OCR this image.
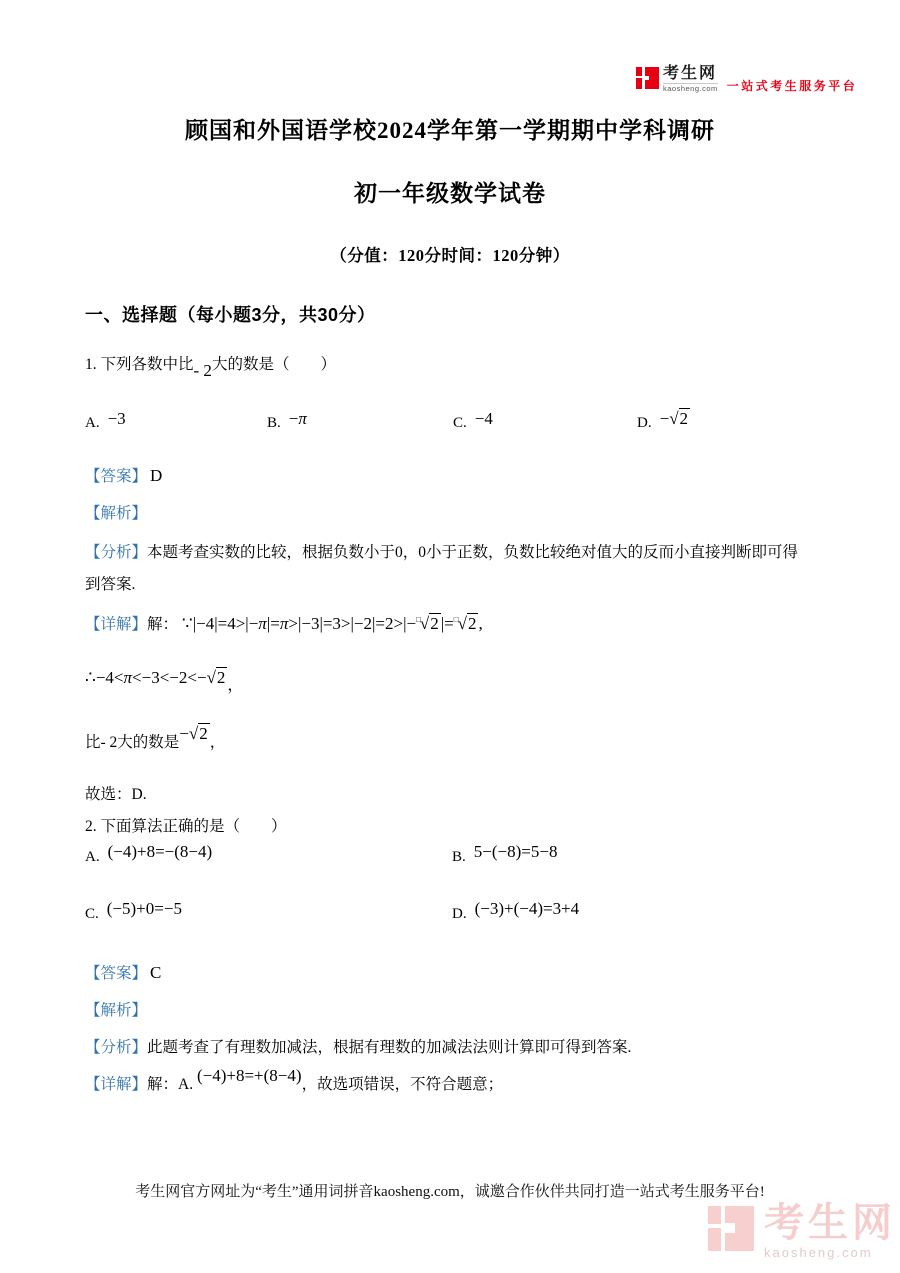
考生网
kaosheng.com 一站式考生服务平台
顾国和外国语学校2024学年第一学期期中学科调研
初一年级数学试卷
（分值：120分时间：120分钟）
一、选择题（每小题3分，共30分）
1. 下列各数中比- 2大的数是（　　）
A. −3	B. −π	C. −4	D. −√2
【答案】 D
【解析】
【分析】本题考查实数的比较，根据负数小于0，0小于正数，负数比较绝对值大的反而小直接判断即可得到答案.
【详解】解： ∵|−4|=4>|−π|=π>|−3|=3>|−2|=2>|−□√2 |=□√2 ,
∴−4<π<−3<−2<−√2 ，
比- 2大的数是−√2 ，
故选：D.
2. 下面算法正确的是（　　）
A. (−4)+8=−(8−4)	B. 5−(−8)=5−8
C. (−5)+0=−5	D. (−3)+(−4)=3+4
【答案】 C
【解析】
【分析】此题考查了有理数加减法，根据有理数的加减法法则计算即可得到答案.
【详解】解：A. (−4)+8=+(8−4)，故选项错误，不符合题意；
考生网官方网址为“考生”通用词拼音kaosheng.com，诚邀合作伙伴共同打造一站式考生服务平台!
考生网
kaosheng.com
